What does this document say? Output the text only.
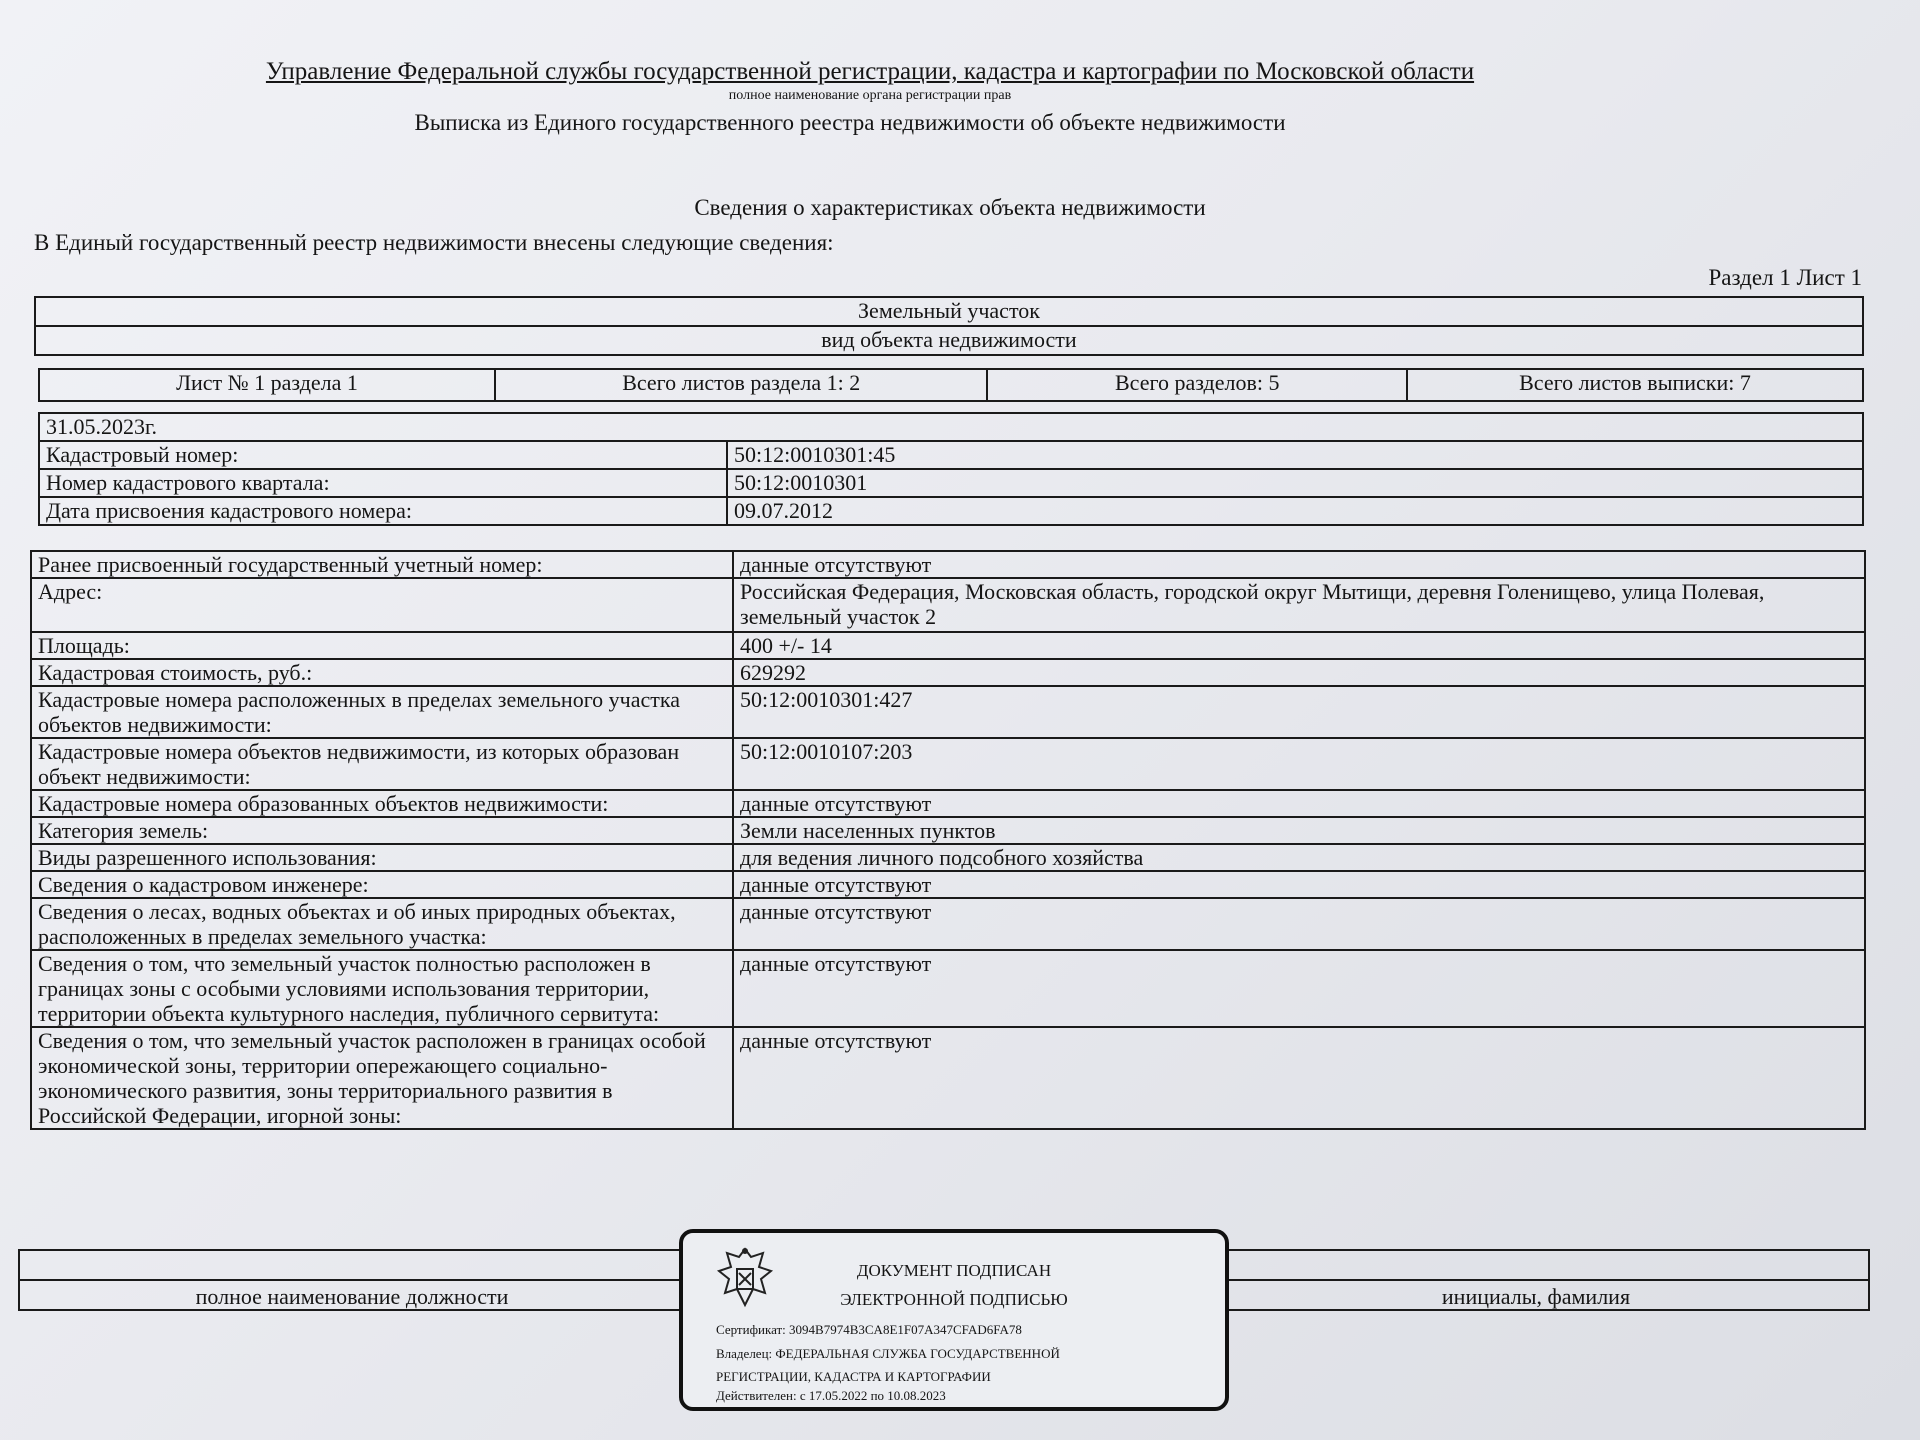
Управление Федеральной службы государственной регистрации, кадастра и картографии по Московской области
полное наименование органа регистрации прав
Выписка из Единого государственного реестра недвижимости об объекте недвижимости
Сведения о характеристиках объекта недвижимости
В Единый государственный реестр недвижимости внесены следующие сведения:
Раздел 1 Лист 1
Земельный участок
вид объекта недвижимости
Лист № 1 раздела 1	Всего листов раздела 1: 2	Всего разделов: 5	Всего листов выписки: 7
31.05.2023г.	
Кадастровый номер:	50:12:0010301:45
Номер кадастрового квартала:	50:12:0010301
Дата присвоения кадастрового номера:	09.07.2012
Ранее присвоенный государственный учетный номер:	данные отсутствуют
Адрес:	Российская Федерация, Московская область, городской округ Мытищи, деревня Голенищево, улица Полевая, земельный участок 2
Площадь:	400 +/- 14
Кадастровая стоимость, руб.:	629292
Кадастровые номера расположенных в пределах земельного участка объектов недвижимости:	50:12:0010301:427
Кадастровые номера объектов недвижимости, из которых образован объект недвижимости:	50:12:0010107:203
Кадастровые номера образованных объектов недвижимости:	данные отсутствуют
Категория земель:	Земли населенных пунктов
Виды разрешенного использования:	для ведения личного подсобного хозяйства
Сведения о кадастровом инженере:	данные отсутствуют
Сведения о лесах, водных объектах и об иных природных объектах, расположенных в пределах земельного участка:	данные отсутствуют
Сведения о том, что земельный участок полностью расположен в границах зоны с особыми условиями использования территории, территории объекта культурного наследия, публичного сервитута:	данные отсутствуют
Сведения о том, что земельный участок расположен в границах особой экономической зоны, территории опережающего социально-экономического развития, зоны территориального развития в Российской Федерации, игорной зоны:	данные отсутствуют

полное наименование должности		инициалы, фамилия
ДОКУМЕНТ ПОДПИСАН
ЭЛЕКТРОННОЙ ПОДПИСЬЮ
Сертификат: 3094B7974B3CA8E1F07A347CFAD6FA78
Владелец: ФЕДЕРАЛЬНАЯ СЛУЖБА ГОСУДАРСТВЕННОЙ
РЕГИСТРАЦИИ, КАДАСТРА И КАРТОГРАФИИ
Действителен: с 17.05.2022 по 10.08.2023
